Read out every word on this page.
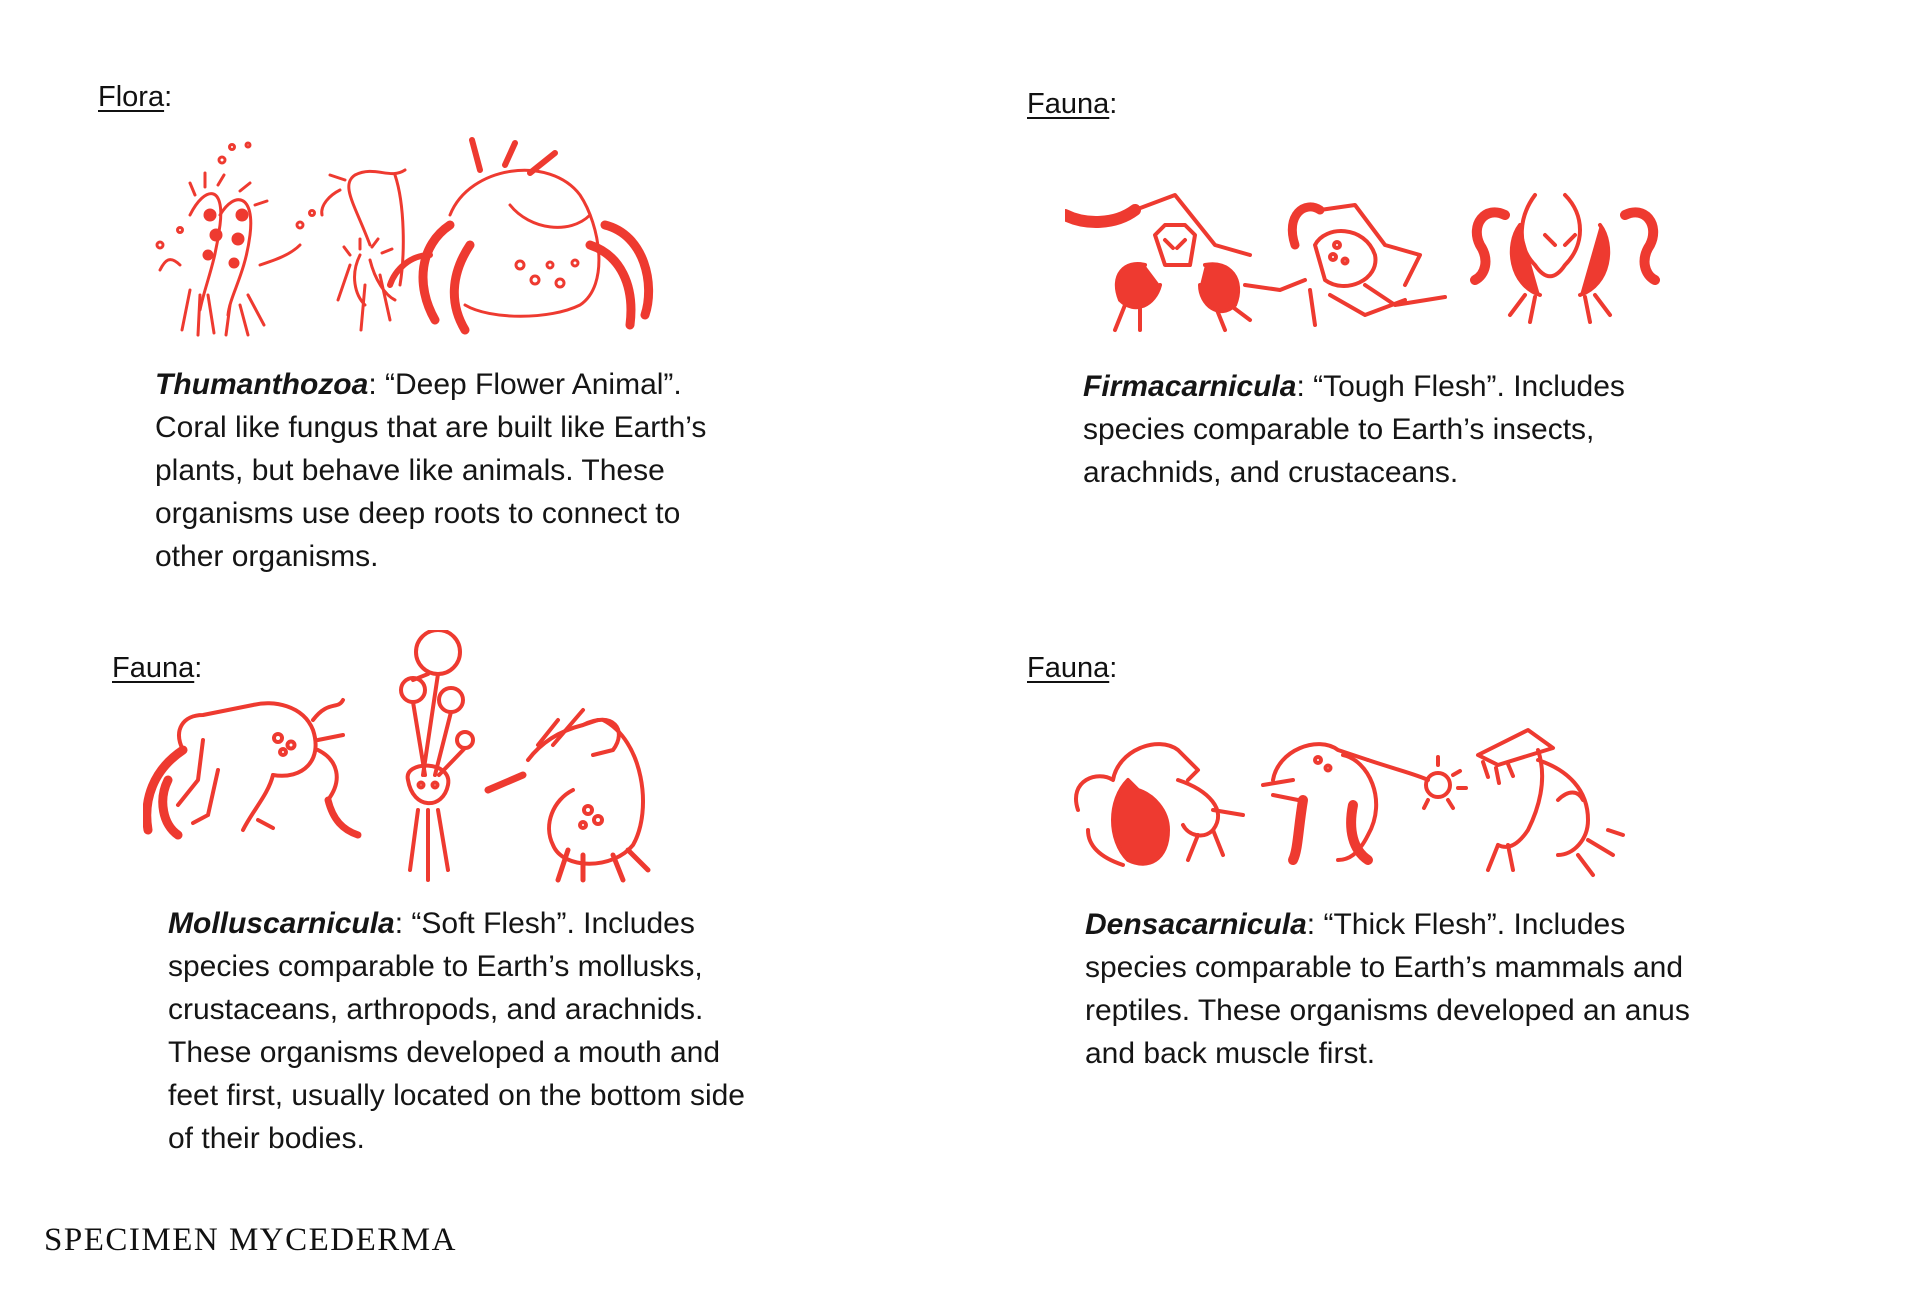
Flora:
Thumanthozoa: “Deep Flower Animal”. Coral like fungus that are built like Earth’s plants, but behave like animals. These organisms use deep roots to connect to other organisms.
Fauna:
Firmacarnicula: “Tough Flesh”. Includes species comparable to Earth’s insects, arachnids, and crustaceans.
Fauna:
Molluscarnicula: “Soft Flesh”. Includes species comparable to Earth’s mollusks, crustaceans, arthropods, and arachnids. These organisms developed a mouth and feet first, usually located on the bottom side of their bodies.
Fauna:
Densacarnicula: “Thick Flesh”. Includes species comparable to Earth’s mammals and reptiles. These organisms developed an anus and back muscle first.
SPECIMEN MYCEDERMA
